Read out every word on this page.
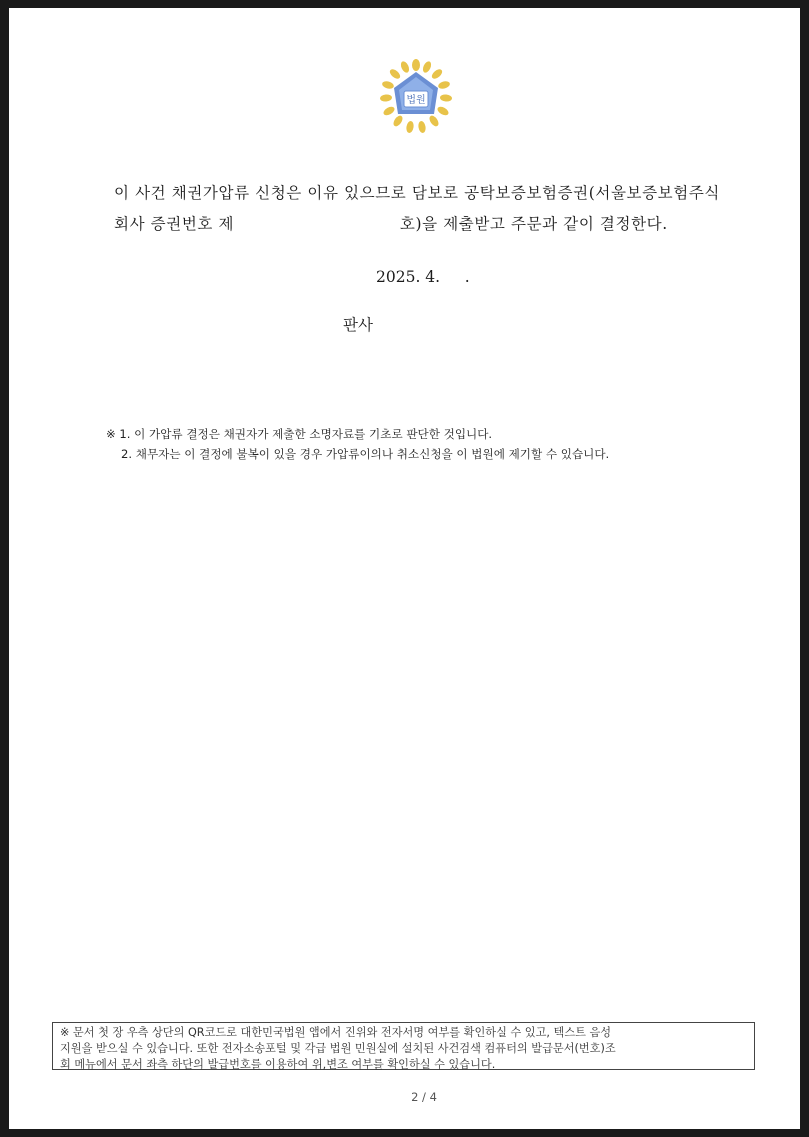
법원
이 사건 채권가압류 신청은 이유 있으므로 담보로 공탁보증보험증권(서울보증보험주식
회사 증권번호 제                              호)을 제출받고 주문과 같이 결정한다.
2025. 4.     .
판사
※ 1. 이 가압류 결정은 채권자가 제출한 소명자료를 기초로 판단한 것입니다.
2. 채무자는 이 결정에 불복이 있을 경우 가압류이의나 취소신청을 이 법원에 제기할 수 있습니다.
2 / 4
※ 문서 첫 장 우측 상단의 QR코드로 대한민국법원 앱에서 진위와 전자서명 여부를 확인하실 수 있고, 텍스트 음성
지원을 받으실 수 있습니다. 또한 전자소송포털 및 각급 법원 민원실에 설치된 사건검색 컴퓨터의 발급문서(번호)조
회 메뉴에서 문서 좌측 하단의 발급번호를 이용하여 위,변조 여부를 확인하실 수 있습니다.
